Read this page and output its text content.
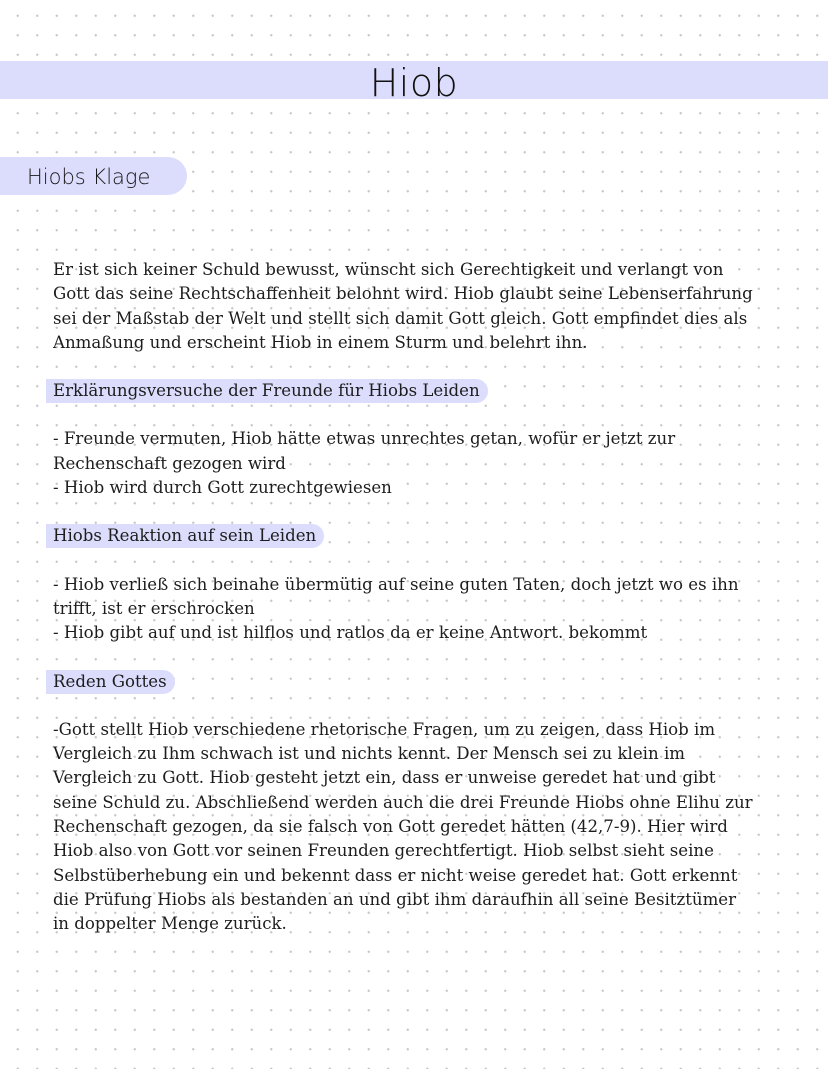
Hiob
Hiobs Klage

Er ist sich keiner Schuld bewusst, wünscht sich Gerechtigkeit und verlangt von

Gott das seine Rechtschaffenheit belohnt wird. Hiob glaubt seine Lebenserfahrung

sei der Maßstab der Welt und stellt sich damit Gott gleich. Gott empfindet dies als

Anmaßung und erscheint Hiob in einem Sturm und belehrt ihn.

Erklärungsversuche der Freunde für Hiobs Leiden

- Freunde vermuten, Hiob hätte etwas unrechtes getan, wofür er jetzt zur

Rechenschaft gezogen wird

- Hiob wird durch Gott zurechtgewiesen

Hiobs Reaktion auf sein Leiden

- Hiob verließ sich beinahe übermütig auf seine guten Taten, doch jetzt wo es ihn

trifft, ist er erschrocken

- Hiob gibt auf und ist hilflos und ratlos da er keine Antwort. bekommt

Reden Gottes

-Gott stellt Hiob verschiedene rhetorische Fragen, um zu zeigen, dass Hiob im

Vergleich zu Ihm schwach ist und nichts kennt. Der Mensch sei zu klein im

Vergleich zu Gott. Hiob gesteht jetzt ein, dass er unweise geredet hat und gibt

seine Schuld zu. Abschließend werden auch die drei Freunde Hiobs ohne Elihu zur

Rechenschaft gezogen, da sie falsch von Gott geredet hätten (42,7-9). Hier wird

Hiob also von Gott vor seinen Freunden gerechtfertigt. Hiob selbst sieht seine

Selbstüberhebung ein und bekennt dass er nicht weise geredet hat. Gott erkennt

die Prüfung Hiobs als bestanden an und gibt ihm daraufhin all seine Besitztümer

in doppelter Menge zurück.
